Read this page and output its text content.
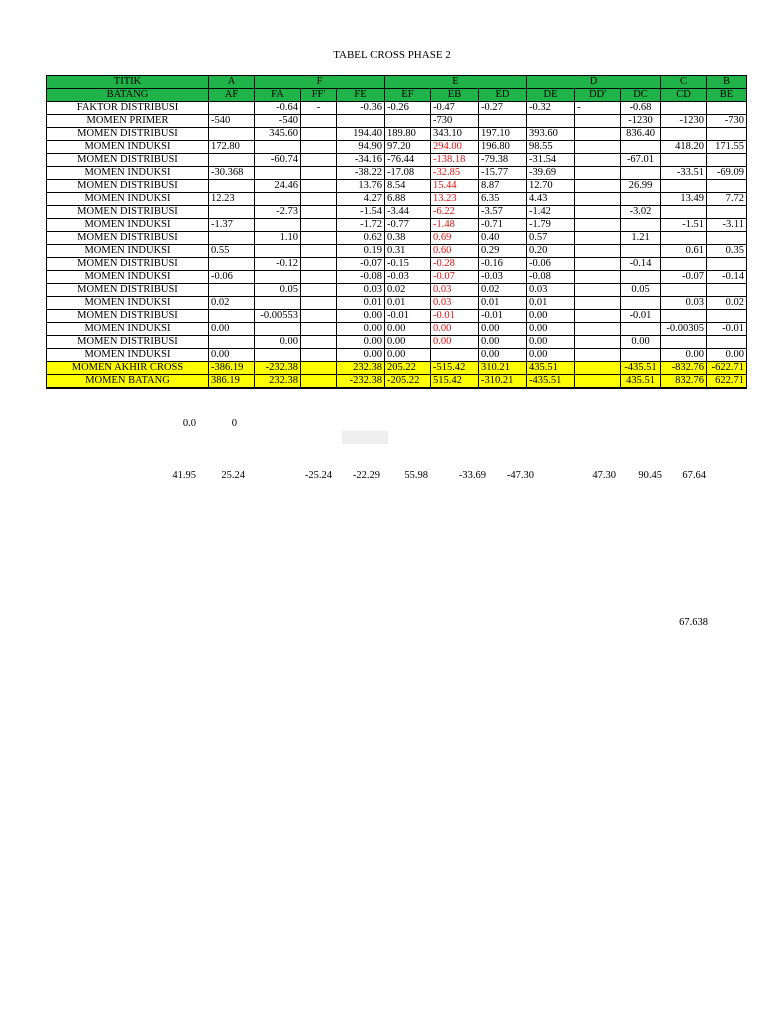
TABEL CROSS PHASE 2
TITIK	A	F			E			D			C	B
BATANG	AF	FA	FF'	FE	EF	EB	ED	DE	DD'	DC	CD	BE
FAKTOR DISTRIBUSI		-0.64	-	-0.36	-0.26	-0.47	-0.27	-0.32	-	-0.68		
MOMEN PRIMER	-540	-540				-730				-1230	-1230	-730
MOMEN DISTRIBUSI		345.60		194.40	189.80	343.10	197.10	393.60		836.40		
MOMEN INDUKSI	172.80			94.90	97.20	294.00	196.80	98.55			418.20	171.55
MOMEN DISTRIBUSI		-60.74		-34.16	-76.44	-138.18	-79.38	-31.54		-67.01		
MOMEN INDUKSI	-30.368			-38.22	-17.08	-32.85	-15.77	-39.69			-33.51	-69.09
MOMEN DISTRIBUSI		24.46		13.76	8.54	15.44	8.87	12.70		26.99		
MOMEN INDUKSI	12.23			4.27	6.88	13.23	6.35	4.43			13.49	7.72
MOMEN DISTRIBUSI		-2.73		-1.54	-3.44	-6.22	-3.57	-1.42		-3.02		
MOMEN INDUKSI	-1.37			-1.72	-0.77	-1.48	-0.71	-1.79			-1.51	-3.11
MOMEN DISTRIBUSI		1.10		0.62	0.38	0.69	0.40	0.57		1.21		
MOMEN INDUKSI	0.55			0.19	0.31	0.60	0.29	0.20			0.61	0.35
MOMEN DISTRIBUSI		-0.12		-0.07	-0.15	-0.28	-0.16	-0.06		-0.14		
MOMEN INDUKSI	-0.06			-0.08	-0.03	-0.07	-0.03	-0.08			-0.07	-0.14
MOMEN DISTRIBUSI		0.05		0.03	0.02	0.03	0.02	0.03		0.05		
MOMEN INDUKSI	0.02			0.01	0.01	0.03	0.01	0.01			0.03	0.02
MOMEN DISTRIBUSI		-0.00553		0.00	-0.01	-0.01	-0.01	0.00		-0.01		
MOMEN INDUKSI	0.00			0.00	0.00	0.00	0.00	0.00			-0.00305	-0.01
MOMEN DISTRIBUSI		0.00		0.00	0.00	0.00	0.00	0.00		0.00		
MOMEN INDUKSI	0.00			0.00	0.00		0.00	0.00			0.00	0.00
MOMEN AKHIR CROSS	-386.19	-232.38		232.38	205.22	-515.42	310.21	435.51		-435.51	-832.76	-622.71
MOMEN BATANG	386.19	232.38		-232.38	-205.22	515.42	-310.21	-435.51		435.51	832.76	622.71
0.0	0
41.95	25.24	-25.24	-22.29	55.98	-33.69	-47.30	47.30	90.45	67.64
67.638
